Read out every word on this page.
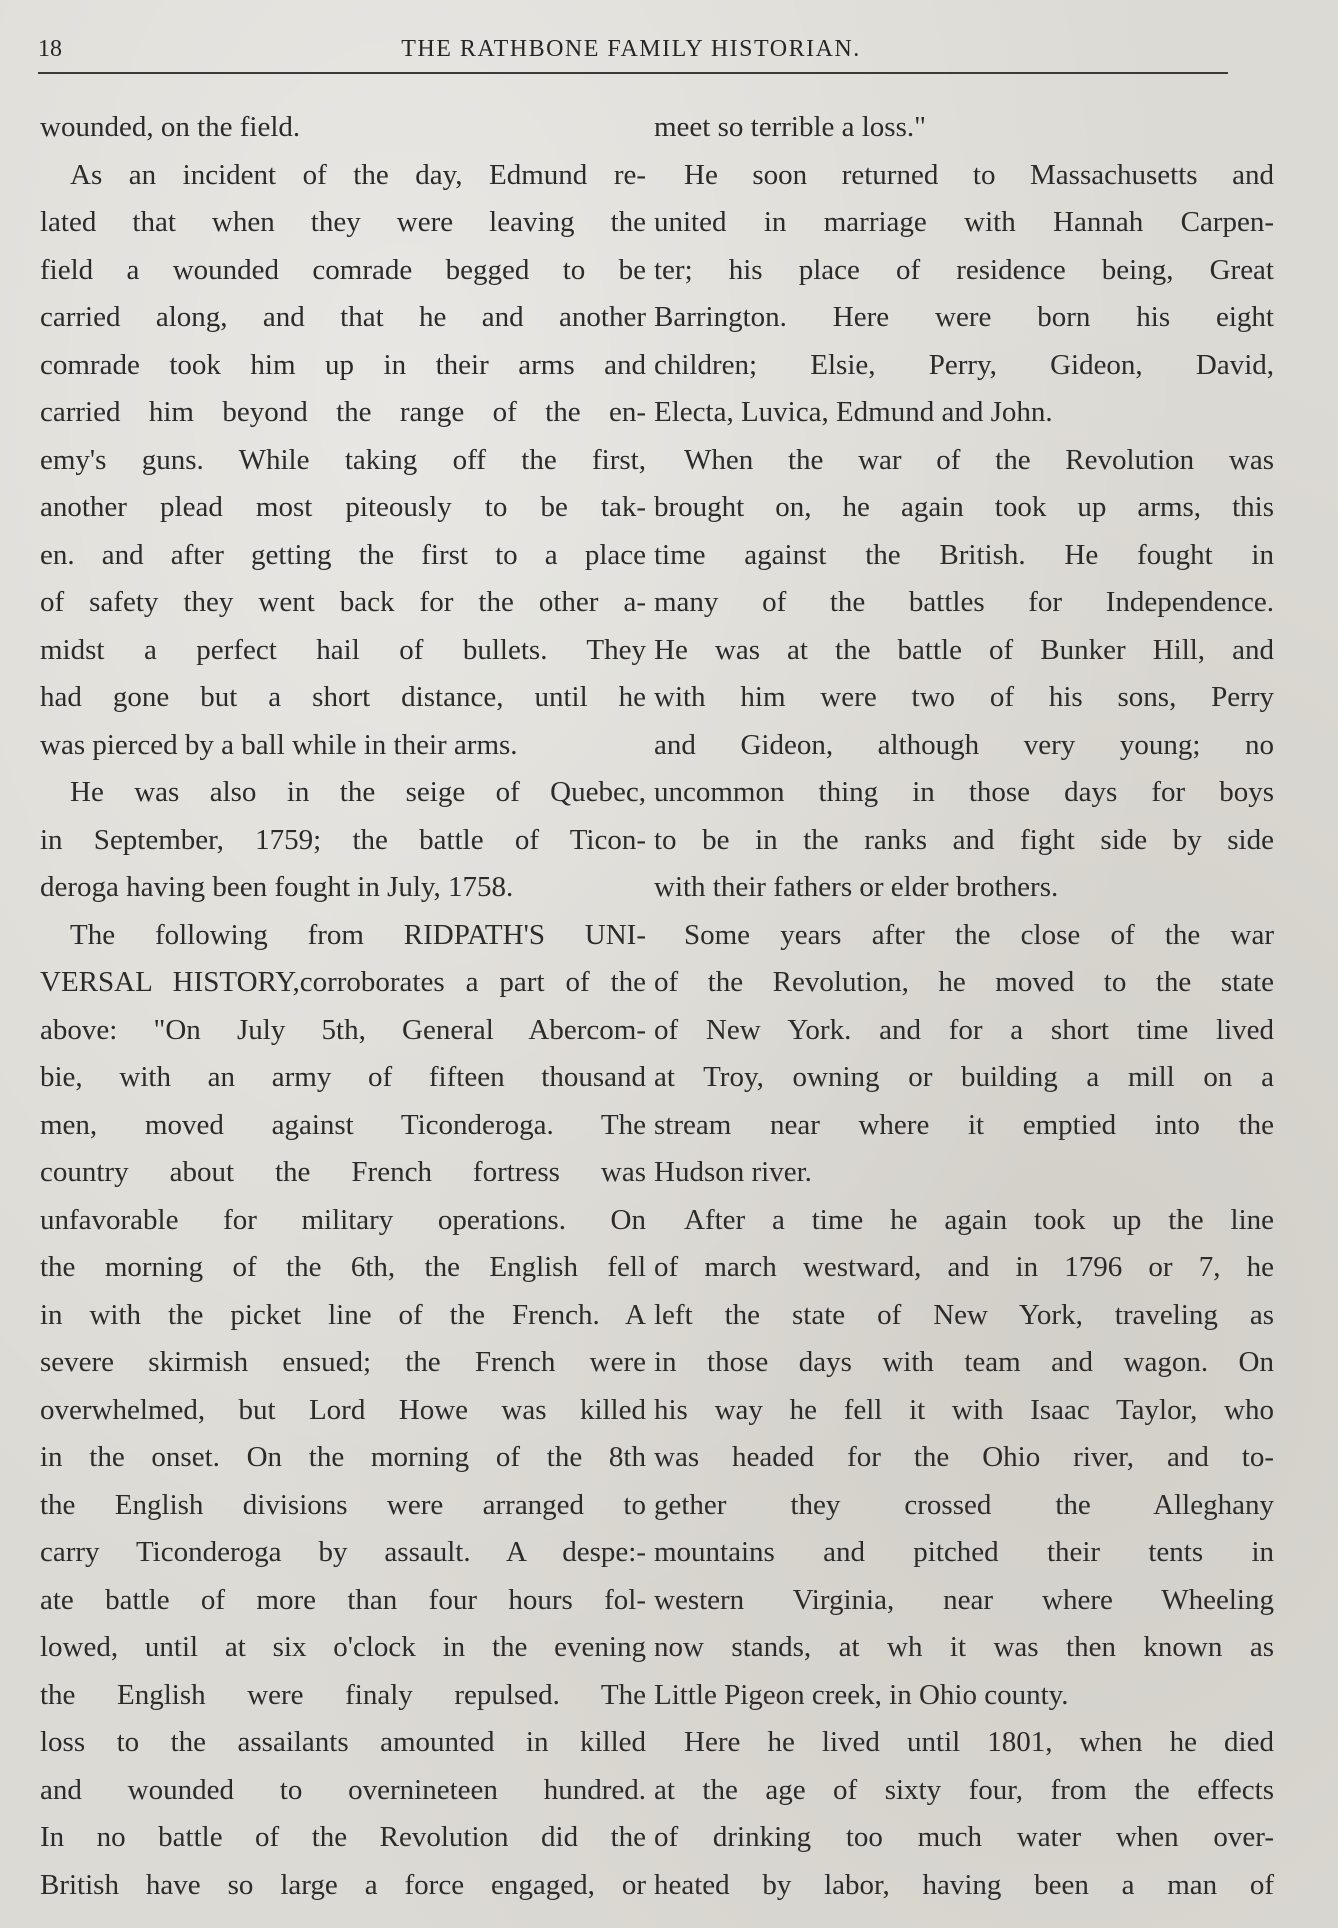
18	THE RATHBONE FAMILY HISTORIAN.
wounded, on the field.
As an incident of the day, Edmund re-
lated that when they were leaving the
field a wounded comrade begged to be
carried along, and that he and another
comrade took him up in their arms and
carried him beyond the range of the en-
emy's guns. While taking off the first,
another plead most piteously to be tak-
en. and after getting the first to a place
of safety they went back for the other a-
midst a perfect hail of bullets. They
had gone but a short distance, until he
was pierced by a ball while in their arms.
He was also in the seige of Quebec,
in September, 1759; the battle of Ticon-
deroga having been fought in July, 1758.
The following from RIDPATH'S UNI-
VERSAL HISTORY,corroborates a part of the
above: "On July 5th, General Abercom-
bie, with an army of fifteen thousand
men, moved against Ticonderoga. The
country about the French fortress was
unfavorable for military operations. On
the morning of the 6th, the English fell
in with the picket line of the French. A
severe skirmish ensued; the French were
overwhelmed, but Lord Howe was killed
in the onset. On the morning of the 8th
the English divisions were arranged to
carry Ticonderoga by assault. A despe:-
ate battle of more than four hours fol-
lowed, until at six o'clock in the evening
the English were finaly repulsed. The
loss to the assailants amounted in killed
and wounded to overnineteen hundred.
In no battle of the Revolution did the
British have so large a force engaged, or
meet so terrible a loss."
He soon returned to Massachusetts and
united in marriage with Hannah Carpen-
ter; his place of residence being, Great
Barrington. Here were born his eight
children; Elsie, Perry, Gideon, David,
Electa, Luvica, Edmund and John.
When the war of the Revolution was
brought on, he again took up arms, this
time against the British. He fought in
many of the battles for Independence.
He was at the battle of Bunker Hill, and
with him were two of his sons, Perry
and Gideon, although very young; no
uncommon thing in those days for boys
to be in the ranks and fight side by side
with their fathers or elder brothers.
Some years after the close of the war
of the Revolution, he moved to the state
of New York. and for a short time lived
at Troy, owning or building a mill on a
stream near where it emptied into the
Hudson river.
After a time he again took up the line
of march westward, and in 1796 or 7, he
left the state of New York, traveling as
in those days with team and wagon. On
his way he fell it with Isaac Taylor, who
was headed for the Ohio river, and to-
gether they crossed the Alleghany
mountains and pitched their tents in
western Virginia, near where Wheeling
now stands, at wh it was then known as
Little Pigeon creek, in Ohio county.
Here he lived until 1801, when he died
at the age of sixty four, from the effects
of drinking too much water when over-
heated by labor, having been a man of
